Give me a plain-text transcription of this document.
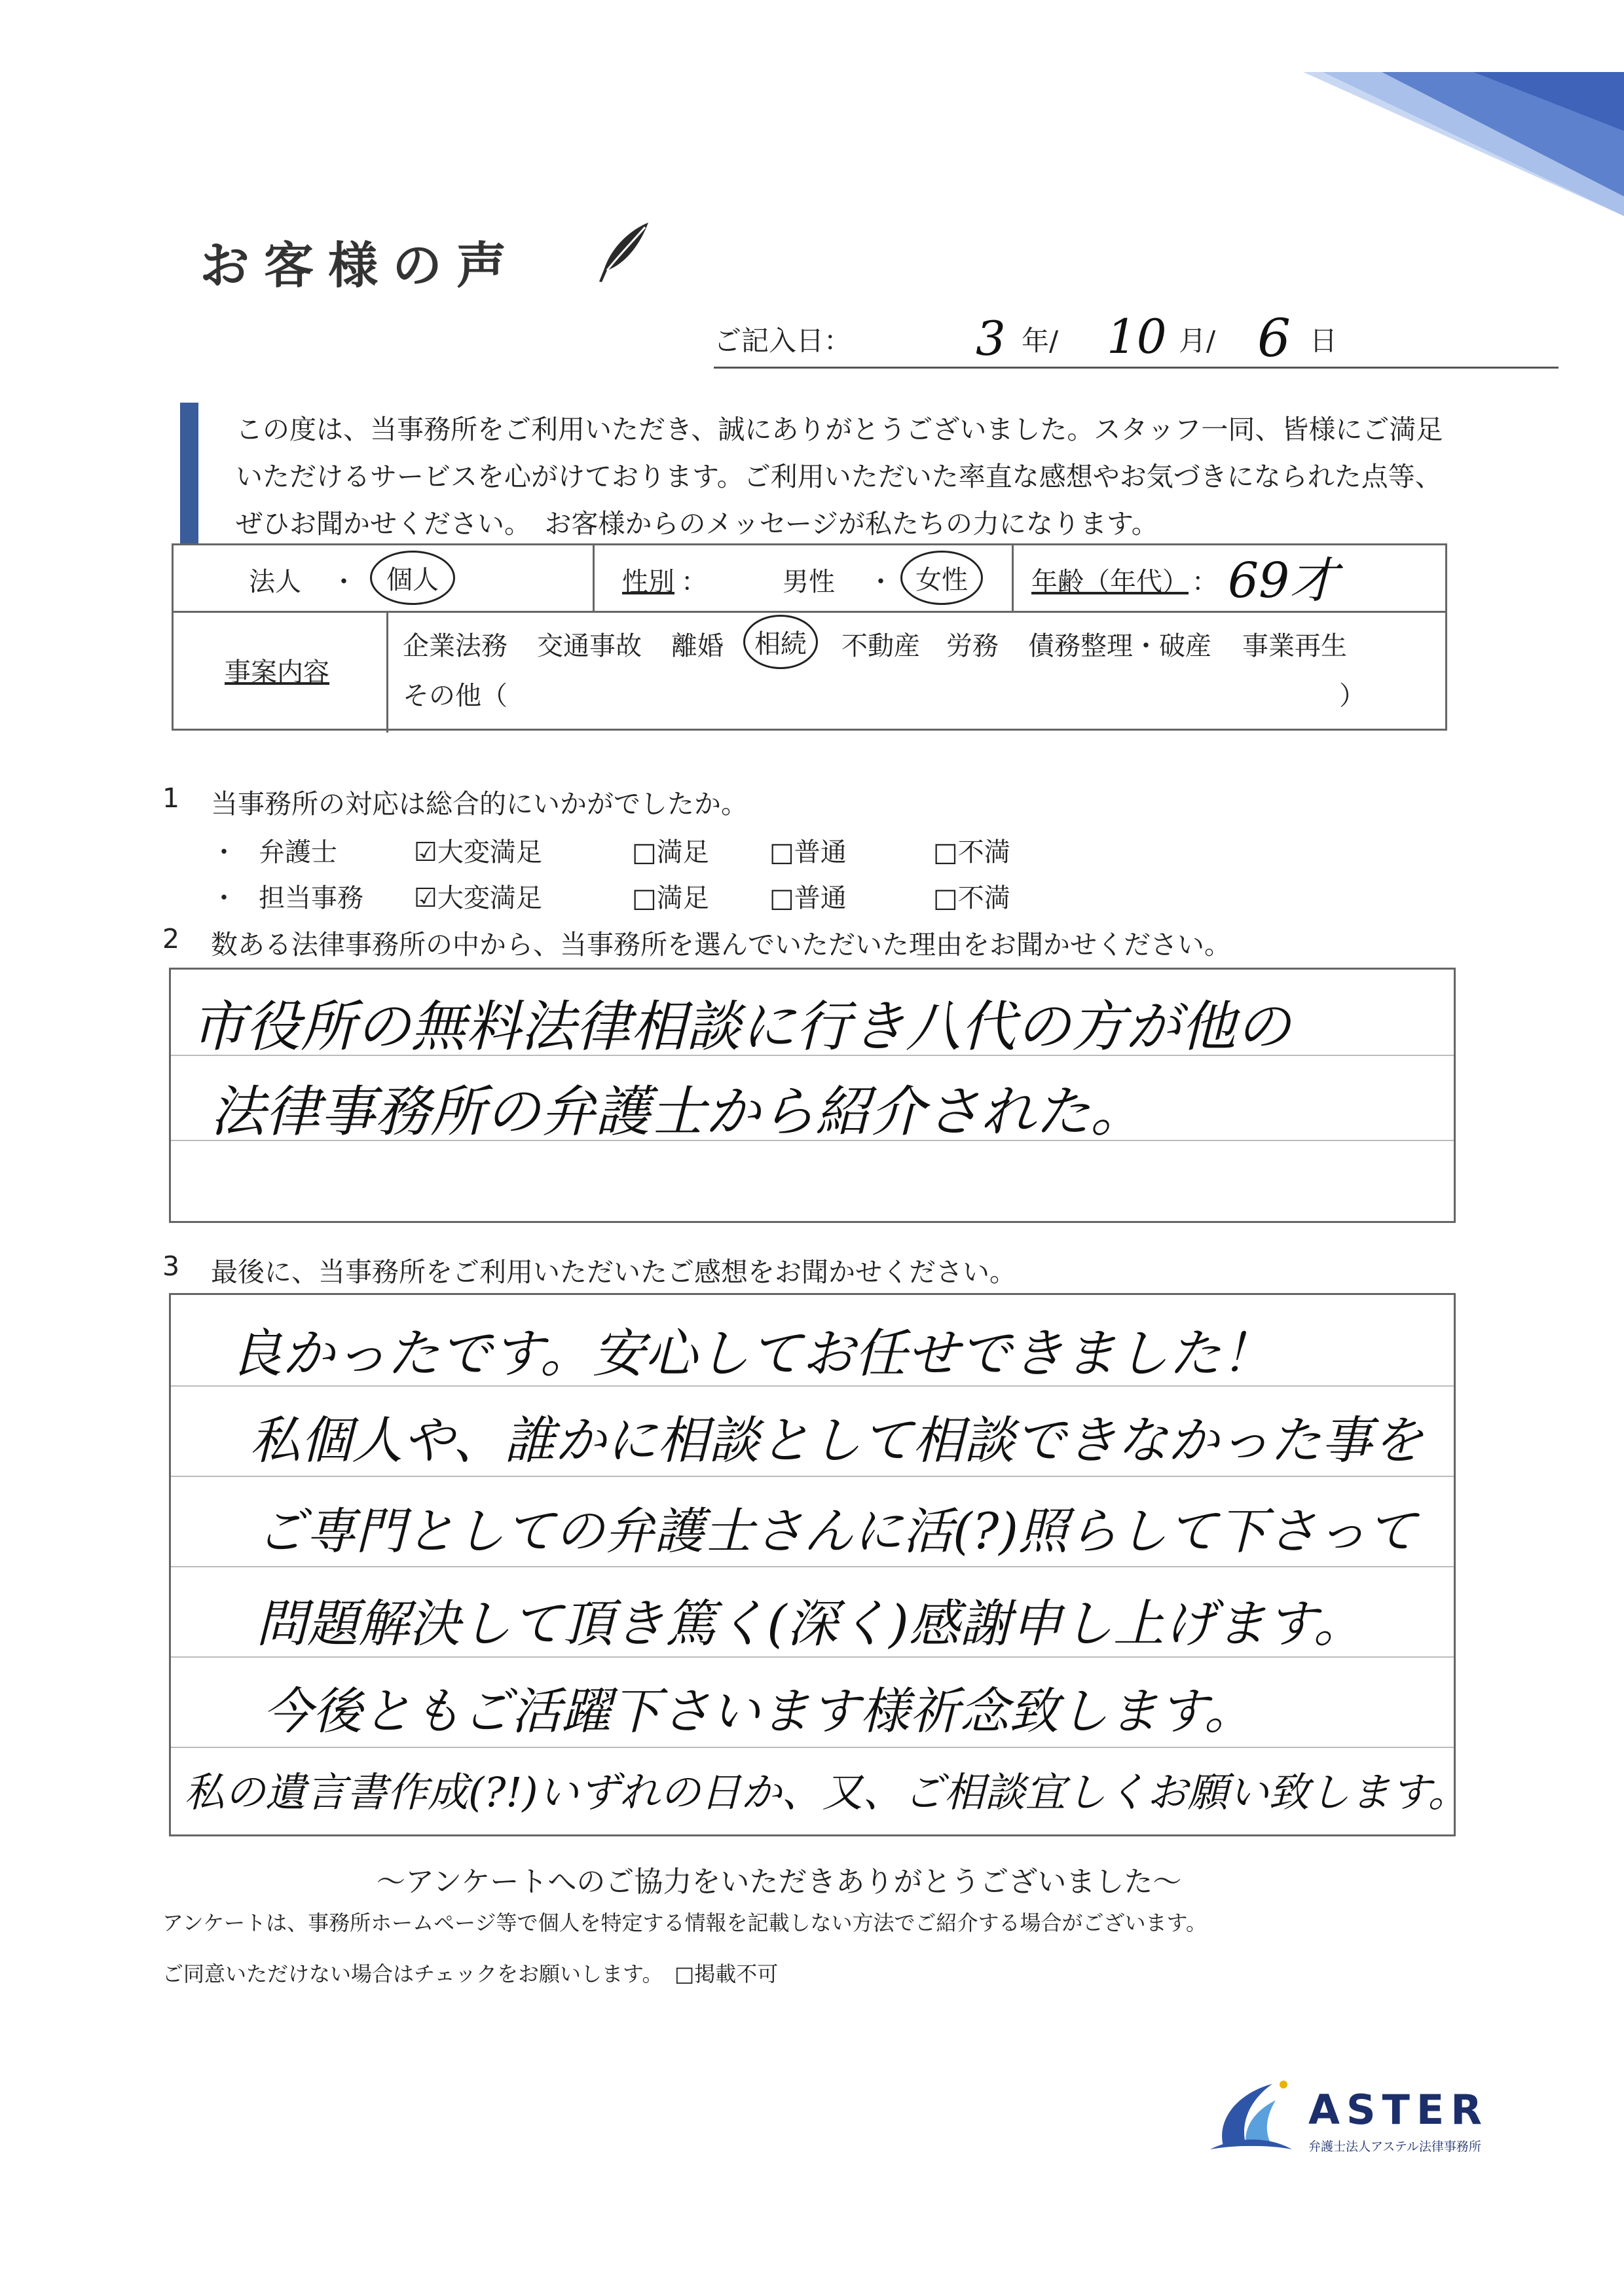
お客様の声
ご記入日：	3 年/ 10 月/ 6 日
この度は、当事務所をご利用いただき、誠にありがとうございました。スタッフ一同、皆様にご満足
いただけるサービスを心がけております。ご利用いただいた率直な感想やお気づきになられた点等、
ぜひお聞かせください。　お客様からのメッセージが私たちの力になります。
法人 ・	個人	性別 ：	男性 ・ 女性	年齢（年代） ： 69才
事案内容
企業法務 交通事故 離婚	相続	不動産 労務 債務整理・破産 事業再生
その他（	）
1 当事務所の対応は総合的にいかがでしたか。
・ 弁護士	☑大変満足	□満足 □普通	□不満
・ 担当事務 ☑大変満足	□満足 □普通	□不満
2 数ある法律事務所の中から、当事務所を選んでいただいた理由をお聞かせください。
市役所の無料法律相談に行き八代の方が他の
法律事務所の弁護士から紹介された。
3 最後に、当事務所をご利用いただいたご感想をお聞かせください。
良かったです。安心してお任せできました！
私個人や、誰かに相談として相談できなかった事を
ご専門としての弁護士さんに活(?)照らして下さって
問題解決して頂き篤く(深く)感謝申し上げます。
今後ともご活躍下さいます様祈念致します。
私の遺言書作成(?!)いずれの日か、又、ご相談宜しくお願い致します。
～アンケートへのご協力をいただきありがとうございました～
アンケートは、事務所ホームページ等で個人を特定する情報を記載しない方法でご紹介する場合がございます。
ご同意いただけない場合はチェックをお願いします。 □掲載不可
ASTER
弁護士法人アステル法律事務所
